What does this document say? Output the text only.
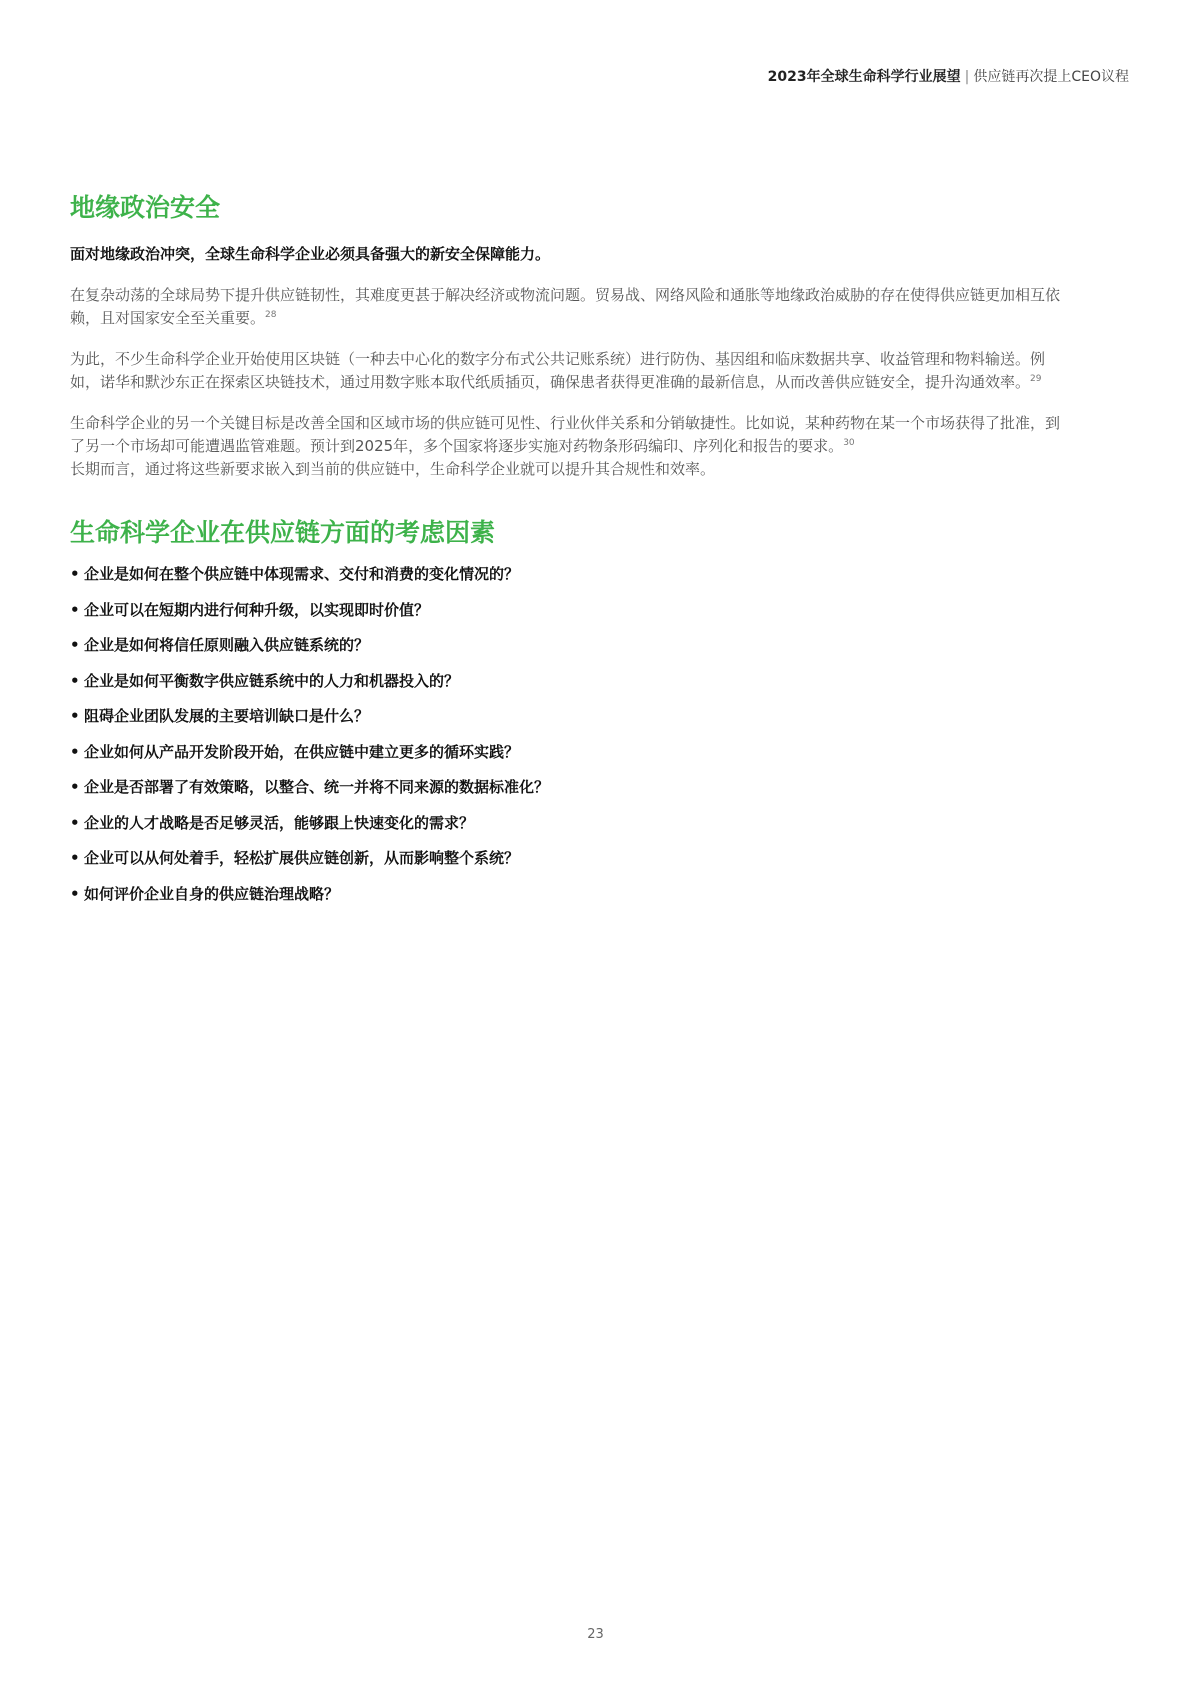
2023年全球生命科学行业展望 | 供应链再次提上CEO议程
地缘政治安全

面对地缘政治冲突，全球生命科学企业必须具备强大的新安全保障能力。

在复杂动荡的全球局势下提升供应链韧性，其难度更甚于解决经济或物流问题。贸易战、网络风险和通胀等地缘政治威胁的存在使得供应链更加相互依赖，且对国家安全至关重要。$^{28}$

为此，不少生命科学企业开始使用区块链（一种去中心化的数字分布式公共记账系统）进行防伪、基因组和临床数据共享、收益管理和物料输送。例如，诺华和默沙东正在探索区块链技术，通过用数字账本取代纸质插页，确保患者获得更准确的最新信息，从而改善供应链安全，提升沟通效率。$^{29}$

生命科学企业的另一个关键目标是改善全国和区域市场的供应链可见性、行业伙伴关系和分销敏捷性。比如说，某种药物在某一个市场获得了批准，到了另一个市场却可能遭遇监管难题。预计到2025年，多个国家将逐步实施对药物条形码编印、序列化和报告的要求。$^{30}$
长期而言，通过将这些新要求嵌入到当前的供应链中，生命科学企业就可以提升其合规性和效率。

生命科学企业在供应链方面的考虑因素
• 企业是如何在整个供应链中体现需求、交付和消费的变化情况的？
• 企业可以在短期内进行何种升级，以实现即时价值？
• 企业是如何将信任原则融入供应链系统的？
• 企业是如何平衡数字供应链系统中的人力和机器投入的？
• 阻碍企业团队发展的主要培训缺口是什么？
• 企业如何从产品开发阶段开始，在供应链中建立更多的循环实践？
• 企业是否部署了有效策略，以整合、统一并将不同来源的数据标准化？
• 企业的人才战略是否足够灵活，能够跟上快速变化的需求？
• 企业可以从何处着手，轻松扩展供应链创新，从而影响整个系统？
• 如何评价企业自身的供应链治理战略？
23
